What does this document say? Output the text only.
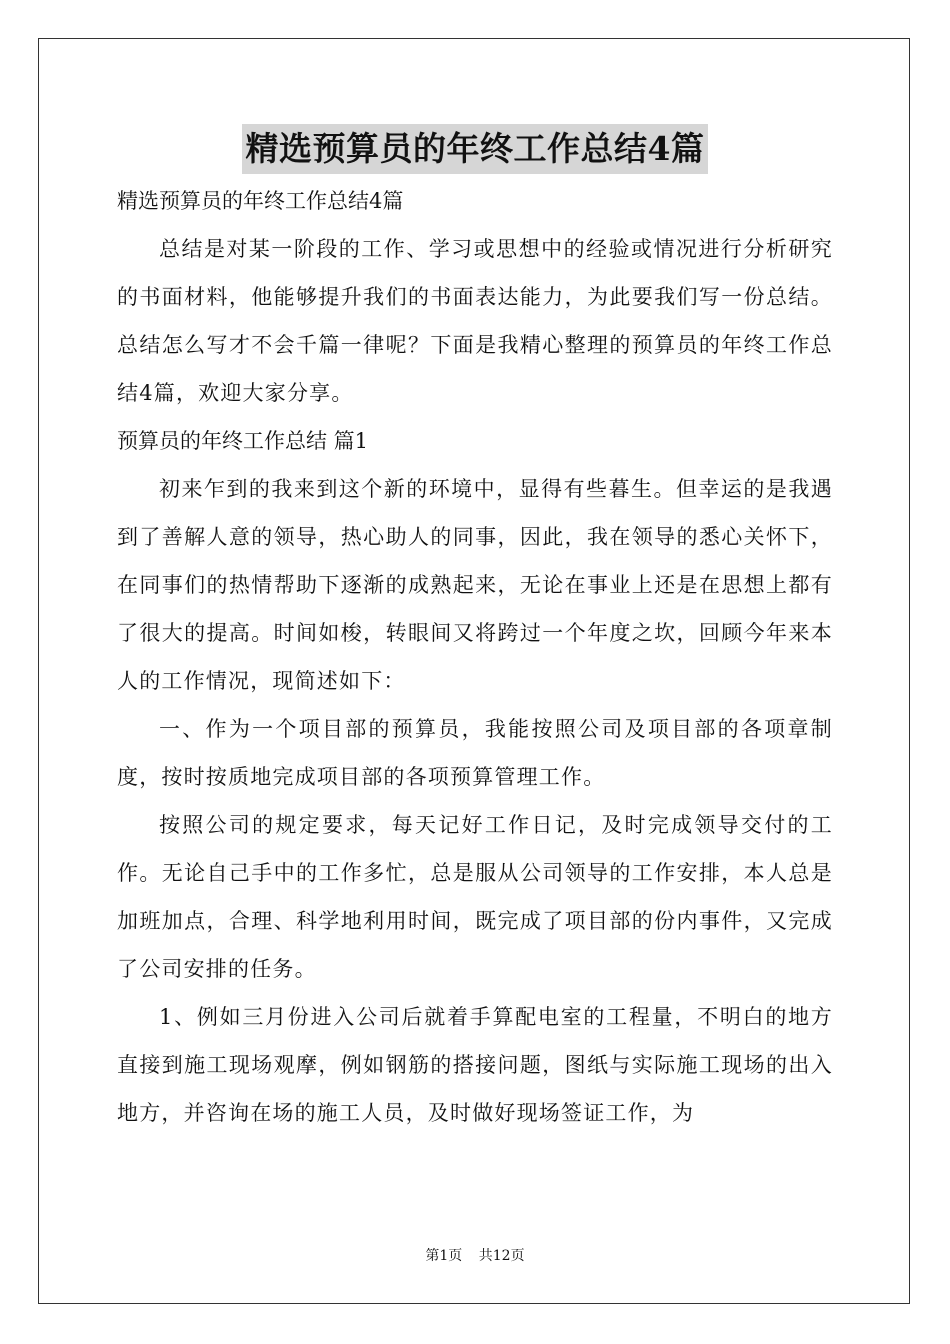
精选预算员的年终工作总结4篇
精选预算员的年终工作总结4篇
总结是对某一阶段的工作、学习或思想中的经验或情况进行分析研究的书面材料，他能够提升我们的书面表达能力，为此要我们写一份总结。总结怎么写才不会千篇一律呢？下面是我精心整理的预算员的年终工作总结4篇，欢迎大家分享。
预算员的年终工作总结 篇1
初来乍到的我来到这个新的环境中，显得有些暮生。但幸运的是我遇到了善解人意的领导，热心助人的同事，因此，我在领导的悉心关怀下，在同事们的热情帮助下逐渐的成熟起来，无论在事业上还是在思想上都有了很大的提高。时间如梭，转眼间又将跨过一个年度之坎，回顾今年来本人的工作情况，现简述如下：
一、作为一个项目部的预算员，我能按照公司及项目部的各项章制度，按时按质地完成项目部的各项预算管理工作。
按照公司的规定要求，每天记好工作日记，及时完成领导交付的工作。无论自己手中的工作多忙，总是服从公司领导的工作安排，本人总是加班加点，合理、科学地利用时间，既完成了项目部的份内事件，又完成了公司安排的任务。
1、例如三月份进入公司后就着手算配电室的工程量，不明白的地方直接到施工现场观摩，例如钢筋的搭接问题，图纸与实际施工现场的出入地方，并咨询在场的施工人员，及时做好现场签证工作，为
第1页 共12页
